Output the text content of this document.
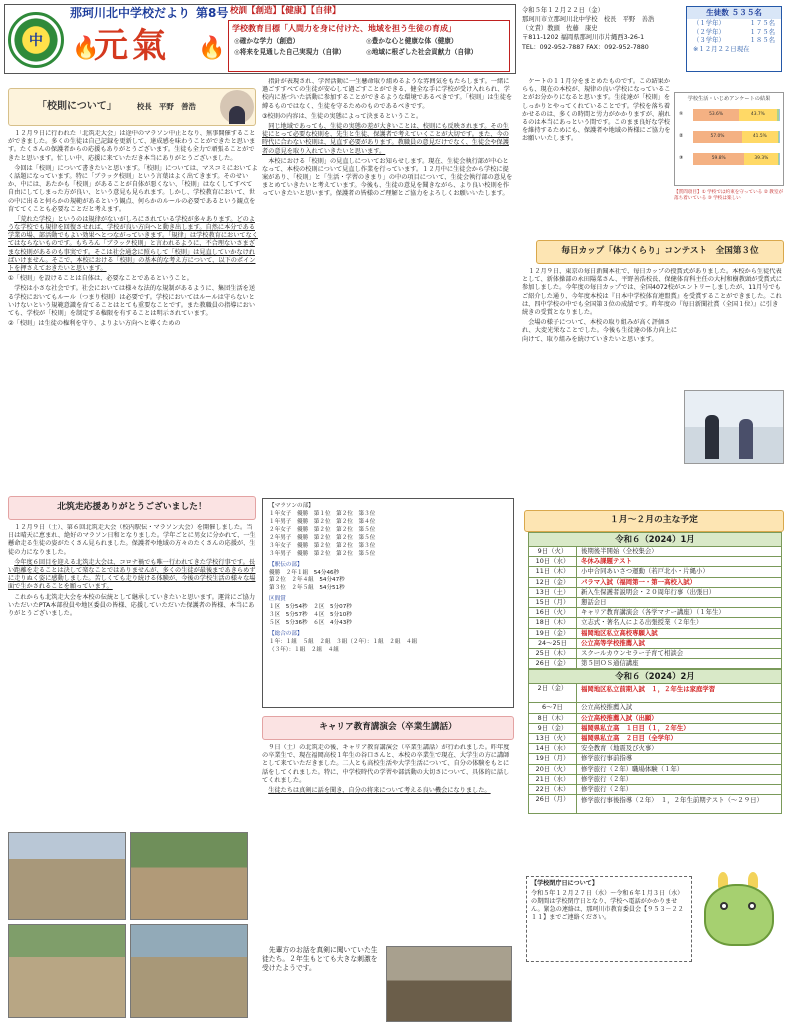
中
那珂川北中学校だより 第8号
🔥
元氣 🔥
校訓【創造】【健康】【自律】
学校教育目標「人間力を身に付けた、地域を担う生徒の育成」
◎確かな学力（創造）	◎豊かな心と健康な体（健康）
◎将来を見通した自己実現力（自律）	◎地域に根ざした社会貢献力（自律）
令和５年１２月２２日（金）
那珂川市立那珂川北中学校　校長　平野　善浩
（文責）教頭　佐藤　康史
〒811-1202 福岡県那珂川市片縄西3-26-1
TEL：092-952-7887 FAX：092-952-7880
生徒数 ５３５名
（１学年）	１７５名
（２学年）	１７５名
（３学年）	１８５名
※１２月２２日現在
「校則について」	校長　平野　善浩

１２月９日に行われた「北筑走大会」は途中のマラソン中止となり、無事開催することができました。多くの生徒は自己記録を更新して、達成感を味わうことができたと思います。たくさんの保護者からの応援もありがとうございます。生徒も全力で頑張ることができたと思います。忙しい中、応援に来ていただき本当にありがとうございました。

今回は「校則」について書きたいと思います。「校則」については、マスコミにおいてよく話題になっています。特に「ブラック校則」という言葉はよく出てきます。そのせいか、中には、あたかも「校則」があることが自体が悪くない、「校則」はなくしてすべて自由にしてしまった方が良い、という意見も見られます。しかし、学校教育において、世の中に出ると何らかの規範があるという観点、何らかのルールの必要であるという観点を育ててくことも必要なことだと考えます。

「荒れた学校」というのは規律がないがしろにされている学校が多々あります。どのような学校でも規律を回復させれば、学校が良い方向へと動き出します。自然に本分である学業の場、部活動でもよい効果へとつながっていきます。「規律」は学校教育においてなくてはならないものです。もちろん「ブラック校則」と言われるように、不合理ないさまざまな校則があるのも事実です。そこは社会通念に照らして「校則」は見直していかなければいけません。そこで、本校における「校則」の基本的な考え方について、以下のポイントを押さえておきたいと思います。

①「校則」を設けることは自体は、必要なことであるということ。

学校は小さな社会です。社会においては様々な法的な規制があるように、集団生活を送る学校においてもルール（つまり校則）は必要です。学校においてはルールは守らないといけないという規範意識を育てることはとても重要なことです。また教職員の指導においても、学校が「校則」を制定する権限を有することは明示されています。

②「校則」は生徒の権利を守り、よりよい方向へと導くための

指針が表現され、学習活動に一生懸命取り組めるような雰囲気をもたらします。一緒に過ごすすべての生徒が安心して過ごすことができる、健全な手に学校が受け入れられ、学校内に基づいた活動に参加することができるような環境であるべきです。「校則」は生徒を縛るものではなく、生徒を守るためのものであるべきです。

③校則の内容は、生徒の実態によって決まるということ。

同じ地域であっても、生徒の実態の差が大きいことは、校則にも反映されます。その生徒にとって必要な校則を、先生と生徒、保護者で考えていくことが大切です。また、今の時代に合わない校則は、見直す必要があります。教職員の意見だけでなく、生徒会や保護者の意見を取り入れていきたいと思います。

本校における「校則」の見直しについてお知らせします。現在、生徒会執行部が中心となって、本校の校則について見直し作業を行っています。１２月中に生徒会から学校に提案があり、「校則」と「生活・学習のきまり」の中の項目について、生徒会執行部の意見をまとめていきたいと考えています。今後も、生徒の意見を聞きながら、より良い校則を作っていきたいと思います。保護者の皆様のご理解とご協力をよろしくお願いいたします。

ケートの１１月分をまとめたものです。この結果からも、現在の本校が、規律の良い学校になっていることがお分かりになると思います。生徒達が「校則」をしっかりとやってくれていることです。学校を落ち着かせるのは、多くの時間と労力がかかりますが、崩れるのは本当にあっという間です。このまま良好な学校を維持するためにも、保護者や地域の皆様にご協力をお願いいたします。

学校生活・いじめアンケートの結果
①	53.6%	43.7%
②	57.0%	41.5%
③	59.8%	39.3%
【質問項目】① 学校では約束を守っている ② 教室が落ち着いている ③ 学校は楽しい
毎日カップ「体力くらり」コンテスト　全国第３位

１２月９日、東京の毎日新聞本社で、毎日カップの授賞式がありました。本校から生徒代表として、新体操部の永田陽菜さん、平野善浩校長、保健体育科主任の大村和樹教頭が受賞式に参加しました。今年度の毎日カップでは、全国4072校がエントリーしましたが、11月号でもご紹介した通り、今年度本校は『日本中学校体育連盟賞』を受賞することができました。これは、四中学校の中でも全国第３位の成績です。昨年度の『毎日新聞社賞（全国１位）』に引き続きの受賞となりました。

会場の様子について、本校の取り組みが高く評価され、大変光栄なことでした。今後も生徒達の体力向上に向けて、取り組みを続けていきたいと思います。

北筑走応援ありがとうございました！

１２月９日（土）、第６回北筑走大会（校内駅伝・マラソン大会）を開催しました。当日は晴天に恵まれ、絶好のマラソン日和となりました。学年ごとに男女に分かれて、一生懸命走る生徒の姿がたくさん見られました。保護者や地域の方々のたくさんの応援が、生徒の力になりました。

今年度６回目を迎える北筑走大会は、コロナ禍でも唯一行われてきた学校行事です。長い距離を走ることは決して楽なことではありませんが、多くの生徒が最後まであきらめずに走りぬく姿に感動しました。苦しくても走り続ける体験が、今後の学校生活の様々な場面で生かされることを願っています。

これからも北筑走大会を本校の伝統として継承していきたいと思います。運営にご協力いただいたPTA本部役員や地区委員の皆様、応援していただいた保護者の皆様、本当にありがとうございました。

【マラソンの部】
１年女子　優勝　第１位　第２位　第３位
１年男子　優勝　第２位　第２位　第４位
２年女子　優勝　第２位　第２位　第５位
２年男子　優勝　第２位　第２位　第５位
３年女子　優勝　第２位　第２位　第３位
３年男子　優勝　第２位　第２位　第５位
【駅伝の部】
優勝　２年１組　54分46秒
第２位　２年４組　54分47秒
第３位　２年５組　54分51秒
区間賞
１区　5分54秒　２区　5分07秒
３区　5分57秒　４区　5分10秒
５区　5分36秒　６区　4分43秒
【総合の部】
１年：１組　５組　２組　３組（２年）：１組　２組　４組
（３年）：１組　２組　４組
キャリア教育講演会（卒業生講話）

９日（土）の北筑走の後、キャリア教育講演会（卒業生講話）が行われました。昨年度の卒業生で、現在福岡高校１年生の谷口さんと、本校の卒業生で現在、大学生の方に講師として来ていただきました。二人とも高校生活や大学生活について、自分の体験をもとに話をしてくれました。特に、中学校時代の学習や部活動の大切さについて、具体的に話してくれました。

生徒たちは真剣に話を聞き、自分の将来について考える良い機会になりました。

先輩方のお話を真剣に聞いていた生徒たち。２年生もとても大きな刺激を受けたようです。

１月～２月の主な予定
令和６（2024）1月
9日（火）	後期後半開始（全校集会）
10日（水）	冬休み課題テスト
11日（木）	小中合同あいさつ運動（若戸北小・片縄小）
12日（金）	パラマ入試（福岡第一・第一高校入試）
13日（土）	新入生保護者説明会・２０周年行事（出張日）
15日（月）	懇話会日
16日（火）	キャリア教育講演会（各学マナー講座）（１年生）
18日（木）	立志式・著名人による出張授業（２年生）
19日（金）	福岡地区私立高校専願入試
24～25日	公立高等学校推薦入試
25日（木）	スクールカウンセラー子育て相談会
26日（金）	第５回ＯＳ通信講座
令和６（2024）2月
2日（金）	福岡地区私立前期入試　１，２年生は家庭学習
6～7日	公立高校推薦入試
8日（木）	公立高校推薦入試（出願）
9日（金）	福岡県私立高　１日目（１，２年生）
13日（火）	福岡県私立高　２日目（全学年）
14日（水）	安全教育（地震及び火事）
19日（月）	修学旅行事前指導
20日（火）	修学旅行（２年）職場体験（１年）
21日（水）	修学旅行（２年）
22日（木）	修学旅行（２年）
26日（月）	修学旅行事後指導（２年）　１，２年生前期テスト（～２９日）
【学校閉庁日について】
令和５年１２月２７日（水）～令和６年１月３日（水）の期間は学校閉庁日となり、学校へ電話がかかりません。緊急の連絡は、那珂川市教育委員会【９５３－２２１１】までご連絡ください。
